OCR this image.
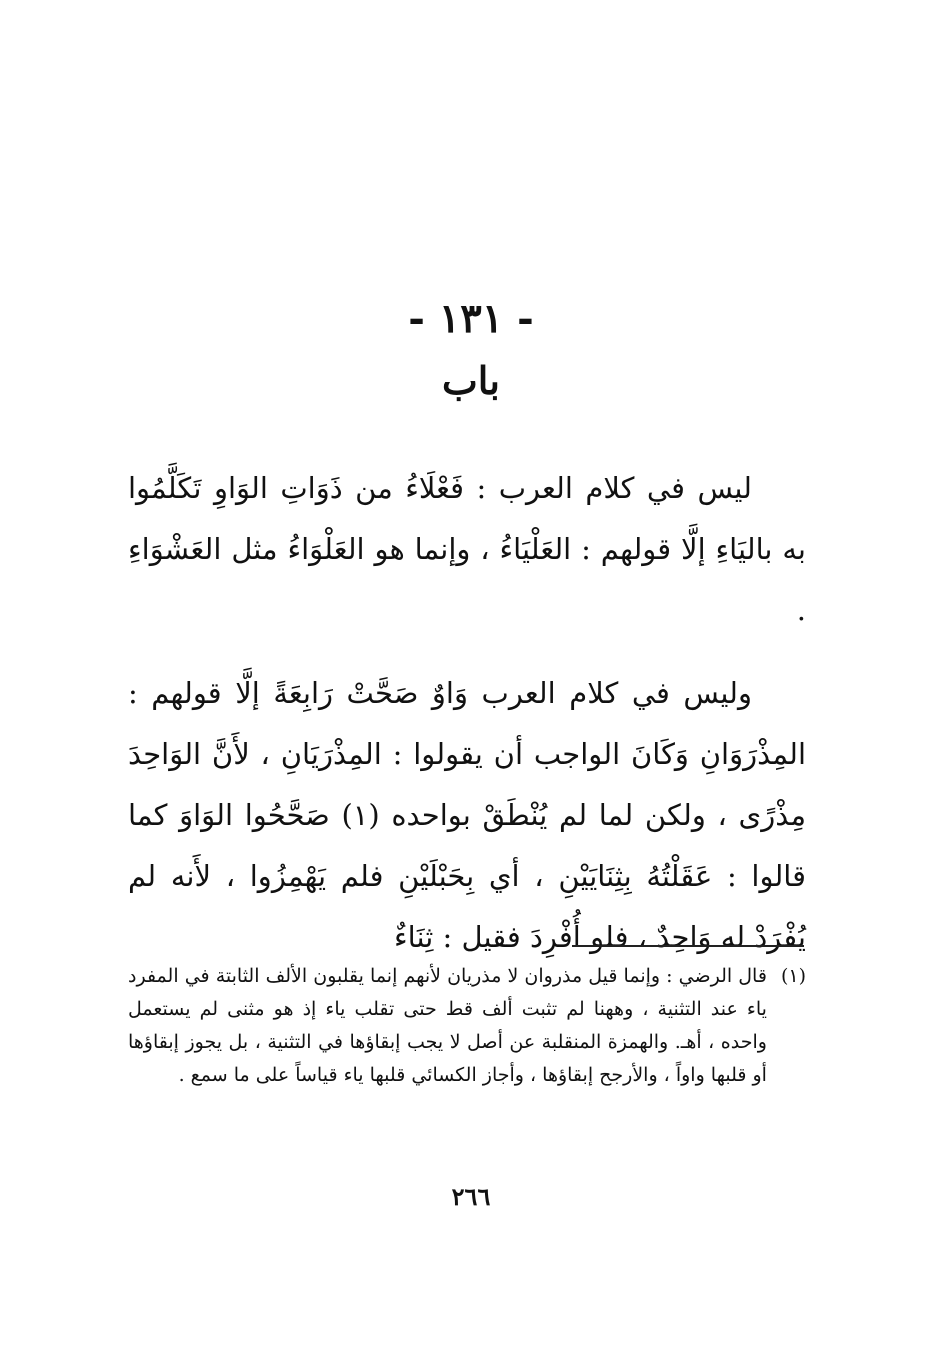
- ١٣١ -
باب

ليس في كلام العرب : فَعْلَاءُ من ذَوَاتِ الوَاوِ تَكَلَّمُوا به باليَاءِ إلَّا قولهم : العَلْيَاءُ ، وإنما هو العَلْوَاءُ مثل العَشْوَاءِ .

وليس في كلام العرب وَاوٌ صَحَّتْ رَابِعَةً إلَّا قولهم : المِذْرَوَانِ وَكَانَ الواجب أن يقولوا : المِذْرَيَانِ ، لأَنَّ الوَاحِدَ مِذْرًى ، ولكن لما لم يُنْطَقْ بواحده (١) صَحَّحُوا الوَاوَ كما قالوا : عَقَلْتُهُ بِثِنَايَيْنِ ، أي بِحَبْلَيْنِ فلم يَهْمِزُوا ، لأَنه لم يُفْرَدْ له وَاحِدٌ ، فلو أُفْرِدَ فقيل : ثِنَاءٌ

(١)
قال الرضي : وإنما قيل مذروان لا مذريان لأنهم إنما يقلبون الألف الثابتة في المفرد ياء عند التثنية ، وههنا لم تثبت ألف قط حتى تقلب ياء إذ هو مثنى لم يستعمل واحده ، أهـ. والهمزة المنقلبة عن أصل لا يجب إبقاؤها في التثنية ، بل يجوز إبقاؤها أو قلبها واواً ، والأرجح إبقاؤها ، وأجاز الكسائي قلبها ياء قياساً على ما سمع .
٢٦٦
